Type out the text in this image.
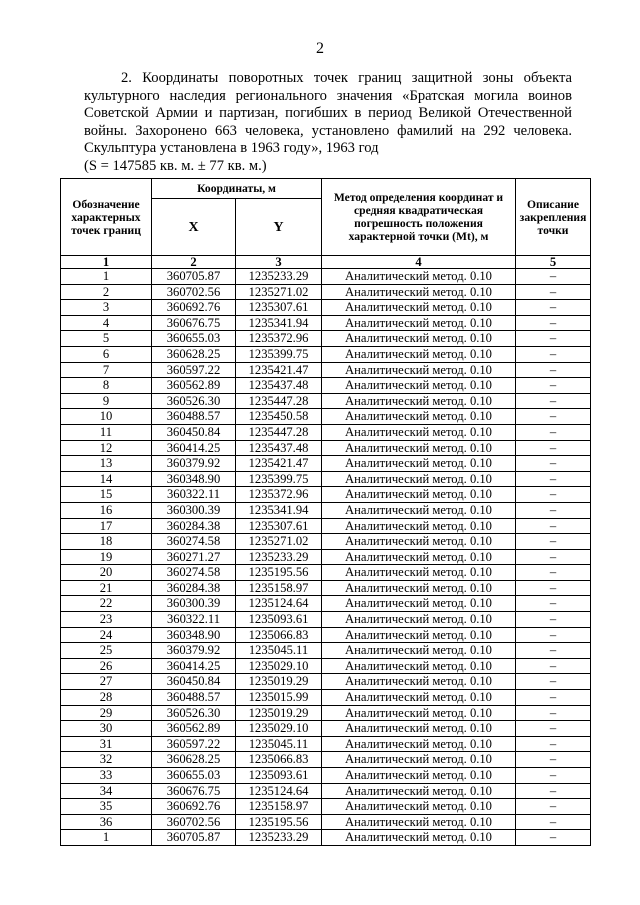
2

2. Координаты поворотных точек границ защитной зоны объекта культурного наследия регионального значения «Братская могила воинов Советской Армии и партизан, погибших в период Великой Отечественной войны. Захоронено 663 человека, установлено фамилий на 292 человека. Скульптура установлена в 1963 году», 1963 год
(S = 147585 кв. м. ± 77 кв. м.)

Обозначение характерных точек границ	Координаты, м		Метод определения координат и средняя квадратическая погрешность положения характерной точки (Mt), м	Описание закрепления точки
	X	Y		
1	2	3	4	5
1	360705.87	1235233.29	Аналитический метод. 0.10	–
2	360702.56	1235271.02	Аналитический метод. 0.10	–
3	360692.76	1235307.61	Аналитический метод. 0.10	–
4	360676.75	1235341.94	Аналитический метод. 0.10	–
5	360655.03	1235372.96	Аналитический метод. 0.10	–
6	360628.25	1235399.75	Аналитический метод. 0.10	–
7	360597.22	1235421.47	Аналитический метод. 0.10	–
8	360562.89	1235437.48	Аналитический метод. 0.10	–
9	360526.30	1235447.28	Аналитический метод. 0.10	–
10	360488.57	1235450.58	Аналитический метод. 0.10	–
11	360450.84	1235447.28	Аналитический метод. 0.10	–
12	360414.25	1235437.48	Аналитический метод. 0.10	–
13	360379.92	1235421.47	Аналитический метод. 0.10	–
14	360348.90	1235399.75	Аналитический метод. 0.10	–
15	360322.11	1235372.96	Аналитический метод. 0.10	–
16	360300.39	1235341.94	Аналитический метод. 0.10	–
17	360284.38	1235307.61	Аналитический метод. 0.10	–
18	360274.58	1235271.02	Аналитический метод. 0.10	–
19	360271.27	1235233.29	Аналитический метод. 0.10	–
20	360274.58	1235195.56	Аналитический метод. 0.10	–
21	360284.38	1235158.97	Аналитический метод. 0.10	–
22	360300.39	1235124.64	Аналитический метод. 0.10	–
23	360322.11	1235093.61	Аналитический метод. 0.10	–
24	360348.90	1235066.83	Аналитический метод. 0.10	–
25	360379.92	1235045.11	Аналитический метод. 0.10	–
26	360414.25	1235029.10	Аналитический метод. 0.10	–
27	360450.84	1235019.29	Аналитический метод. 0.10	–
28	360488.57	1235015.99	Аналитический метод. 0.10	–
29	360526.30	1235019.29	Аналитический метод. 0.10	–
30	360562.89	1235029.10	Аналитический метод. 0.10	–
31	360597.22	1235045.11	Аналитический метод. 0.10	–
32	360628.25	1235066.83	Аналитический метод. 0.10	–
33	360655.03	1235093.61	Аналитический метод. 0.10	–
34	360676.75	1235124.64	Аналитический метод. 0.10	–
35	360692.76	1235158.97	Аналитический метод. 0.10	–
36	360702.56	1235195.56	Аналитический метод. 0.10	–
1	360705.87	1235233.29	Аналитический метод. 0.10	–
